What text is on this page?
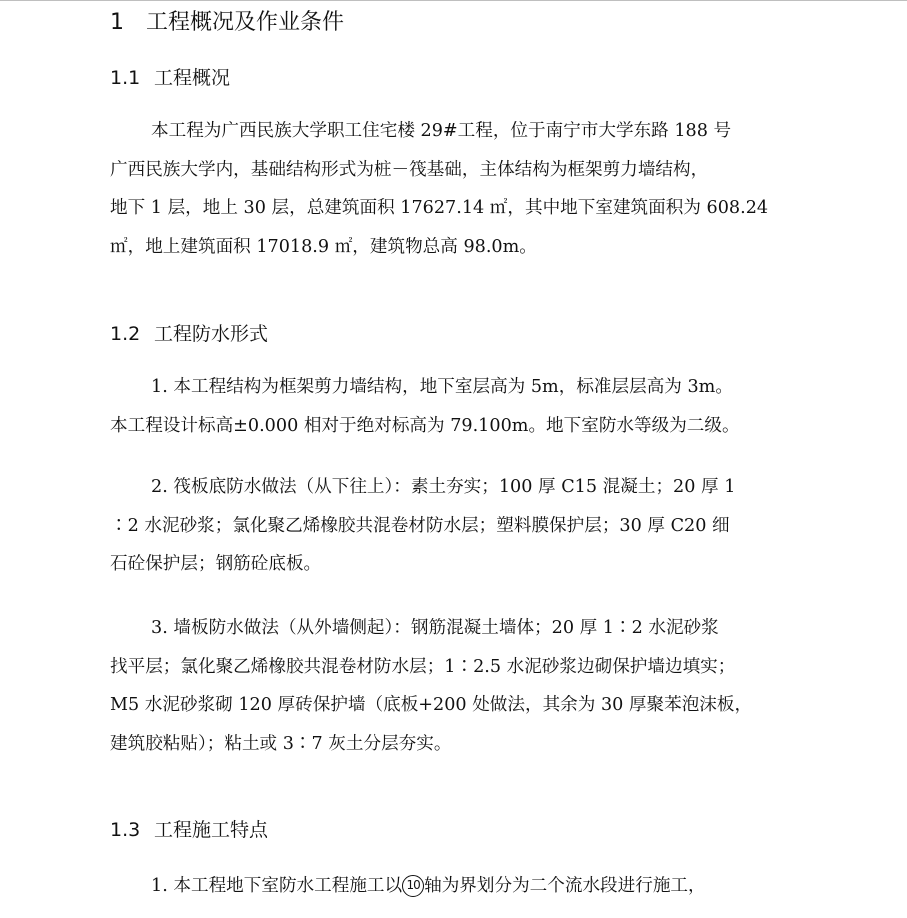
1 工程概况及作业条件
1.1 工程概况
本工程为广西民族大学职工住宅楼 29#工程，位于南宁市大学东路 188 号
广西民族大学内，基础结构形式为桩－筏基础，主体结构为框架剪力墙结构，
地下 1 层，地上 30 层，总建筑面积 17627.14 ㎡，其中地下室建筑面积为 608.24
㎡，地上建筑面积 17018.9 ㎡，建筑物总高 98.0m。
1.2 工程防水形式
1. 本工程结构为框架剪力墙结构，地下室层高为 5m，标准层层高为 3m。
本工程设计标高±0.000 相对于绝对标高为 79.100m。地下室防水等级为二级。
2. 筏板底防水做法（从下往上）：素土夯实；100 厚 C15 混凝土；20 厚 1
∶2 水泥砂浆；氯化聚乙烯橡胶共混卷材防水层；塑料膜保护层；30 厚 C20 细
石砼保护层；钢筋砼底板。
3. 墙板防水做法（从外墙侧起）：钢筋混凝土墙体；20 厚 1∶2 水泥砂浆
找平层；氯化聚乙烯橡胶共混卷材防水层；1∶2.5 水泥砂浆边砌保护墙边填实；
M5 水泥砂浆砌 120 厚砖保护墙（底板+200 处做法，其余为 30 厚聚苯泡沫板，
建筑胶粘贴）；粘土或 3∶7 灰土分层夯实。
1.3 工程施工特点
1. 本工程地下室防水工程施工以 10 轴为界划分为二个流水段进行施工，
